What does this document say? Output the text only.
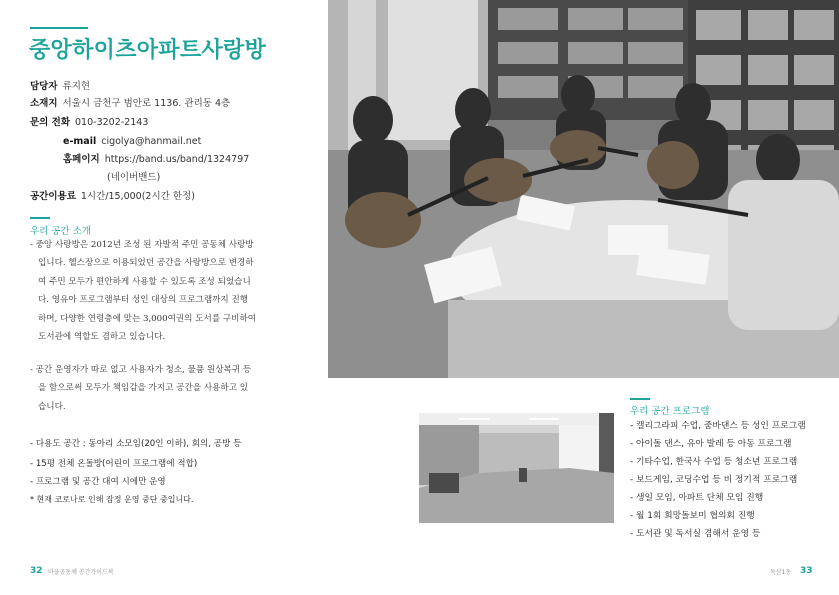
중앙하이츠아파트사랑방
담당자 류지현
소재지 서울시 금천구 범안로 1136. 관리동 4층
문의 전화 010-3202-2143
e-mail cigolya@hanmail.net
홈페이지 https://band.us/band/1324797
(네이버밴드)
공간이용료 1시간/15,000(2시간 한정)
우리 공간 소개
- 중앙 사랑방은 2012년 조성 된 자발적 주민 공동체 사랑방
입니다. 헬스장으로 이용되었던 공간을 사랑방으로 변경하
여 주민 모두가 편안하게 사용할 수 있도록 조성 되었습니
다. 영유아 프로그램부터 성인 대상의 프로그램까지 진행
하며, 다양한 연령층에 맞는 3,000여권의 도서를 구비하여
도서관에 역할도 겸하고 있습니다.
- 공간 운영자가 따로 없고 사용자가 청소, 물품 원상복귀 등
을 함으로써 모두가 책임감을 가지고 공간을 사용하고 있
습니다.
- 다용도 공간 : 동아리 소모임(20인 이하), 회의, 공방 등
- 15평 전체 온돌방(어린이 프로그램에 적합)
- 프로그램 및 공간 대여 시에만 운영
* 현재 코로나로 인해 잠정 운영 중단 중입니다.
우리 공간 프로그램
- 캘리그라피 수업, 줌바댄스 등 성인 프로그램
- 아이돌 댄스, 유아 발레 등 아동 프로그램
- 기타수업, 한국사 수업 등 청소년 프로그램
- 보드게임, 코딩수업 등 비 정기적 프로그램
- 생일 모임, 아파트 단체 모임 진행
- 월 1회 희망돌보미 협의회 진행
- 도서관 및 독서실 겸해서 운영 등
32 마을공동체 공간가이드북	독산1동 33
